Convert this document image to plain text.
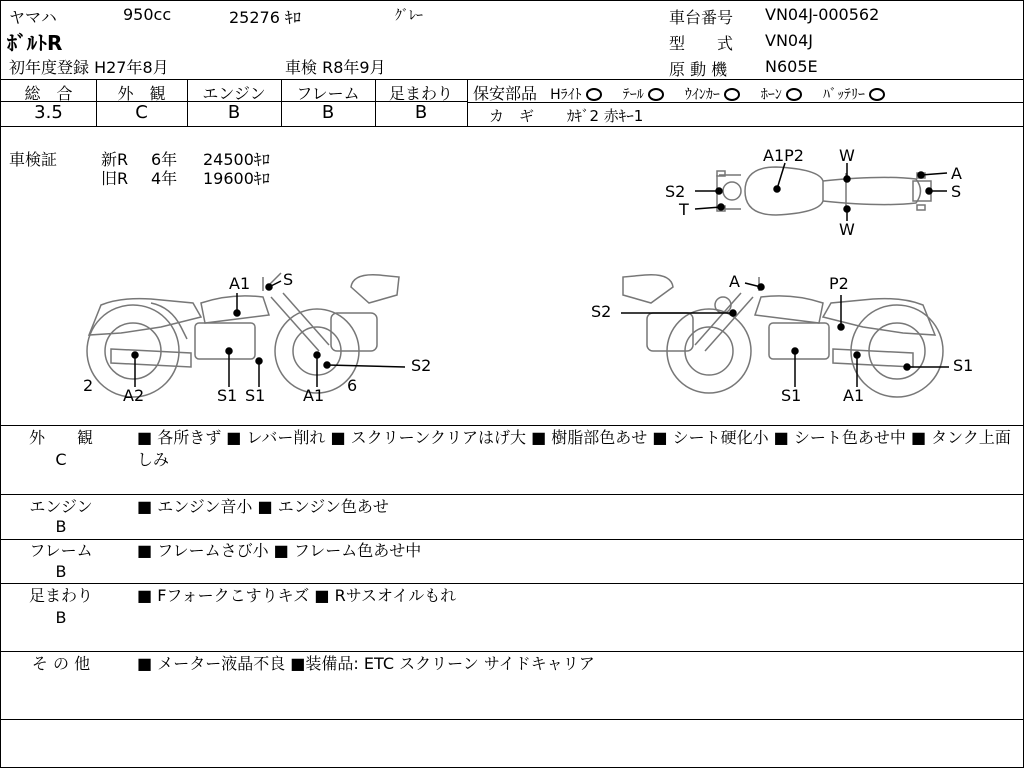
ヤマハ	950cc	25276 ｷﾛ	ｸﾞﾚｰ
ﾎﾞﾙﾄR
初年度登録 H27年8月	車検 R8年9月
車台番号 VN04J-000562
型　　式 VN04J
原 動 機 N605E
総　合	外　観	エンジン	フレーム	足まわり
3.5	C	B	B	B
保安部品 Hﾗｲﾄ ○ ﾃｰﾙ ○ ｳｲﾝｶｰ ○ ﾎｰﾝ ○ ﾊﾞｯﾃﾘｰ
カ　ギ ｶｷﾞ2 赤ｷｰ1
車検証	新R 6年 24500ｷﾛ
旧R 4年 19600ｷﾛ
A1P2 W
W
S2
T
A
S
A1 S
2
A2	S1 S1 A1
6
S2
A	P2
S2
S1
S1
A1
外　　観
C
■ 各所きず ■ レバー削れ ■ スクリーンクリアはげ大 ■ 樹脂部色あせ ■ シート硬化小 ■ シート色あせ中 ■ タンク上面しみ
エンジン
B
■ エンジン音小 ■ エンジン色あせ
フレーム
B
■ フレームさび小 ■ フレーム色あせ中
足まわり
B
■ Fフォークこすりキズ ■ Rサスオイルもれ
そ の 他	■ メーター液晶不良 ■装備品: ETC スクリーン サイドキャリア
